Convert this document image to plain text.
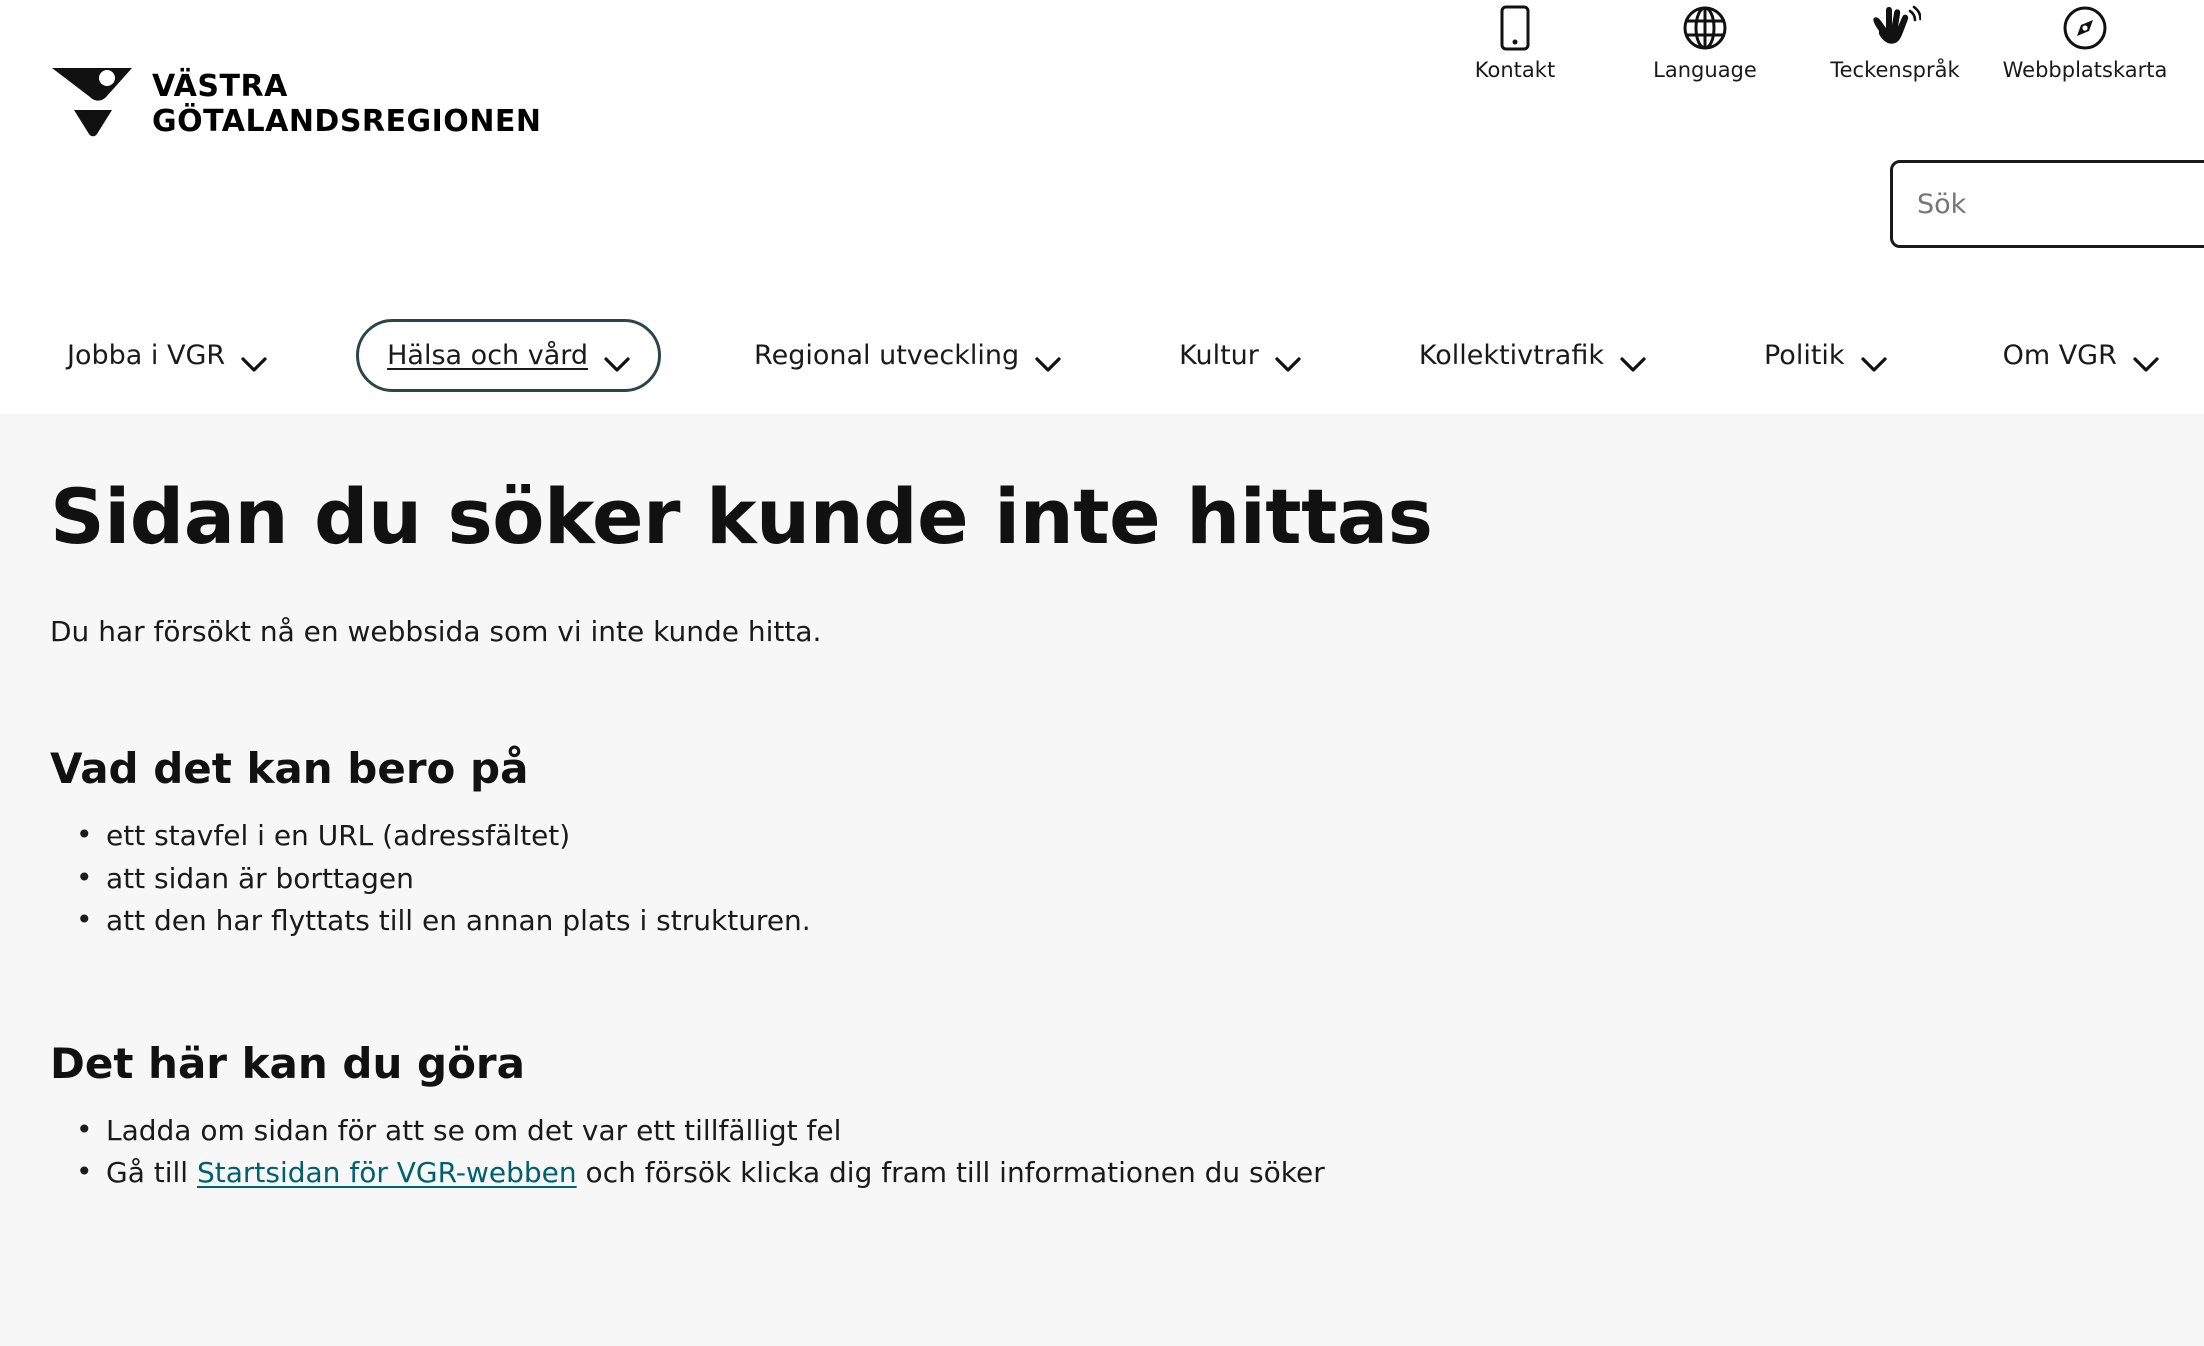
Kontakt	Language	Teckenspråk Webbplatskarta
VÄSTRA
GÖTALANDSREGIONEN
Sök
Jobba i VGR	Hälsa och vård	Regional utveckling	Kultur	Kollektivtrafik	Politik	Om VGR
Sidan du söker kunde inte hittas

Du har försökt nå en webbsida som vi inte kunde hitta.

Vad det kan bero på
• ett stavfel i en URL (adressfältet)
• att sidan är borttagen
• att den har flyttats till en annan plats i strukturen.
Det här kan du göra
• Ladda om sidan för att se om det var ett tillfälligt fel
• Gå till Startsidan för VGR-webben och försök klicka dig fram till informationen du söker
